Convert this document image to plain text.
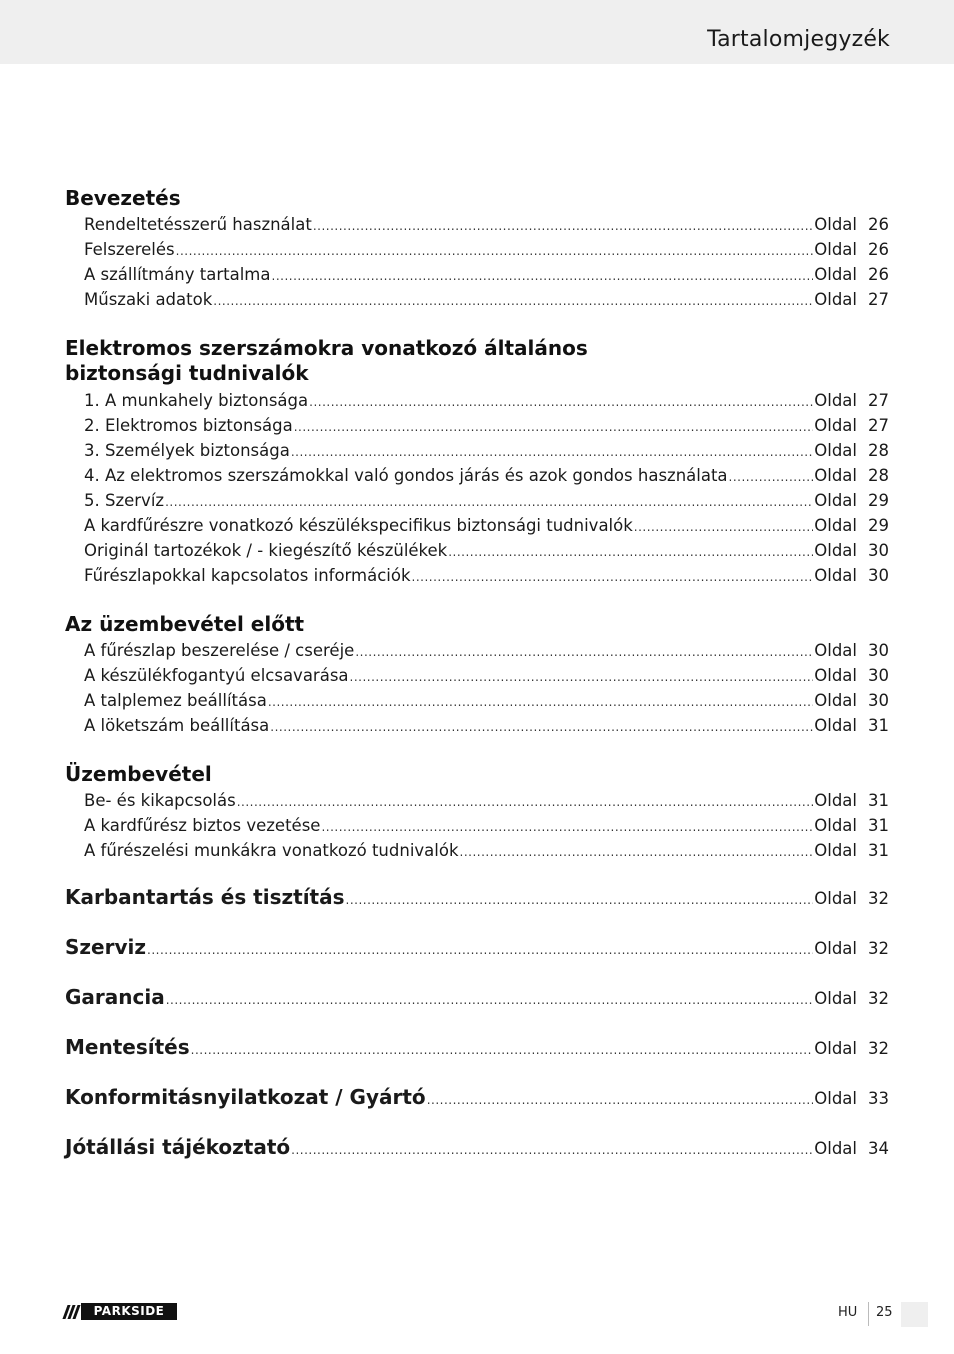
Tartalomjegyzék
Bevezetés
Rendeltetésszerű használat .....	Oldal 26
Felszerelés .....	Oldal 26
A szállítmány tartalma .....	Oldal 26
Műszaki adatok .....	Oldal 27
Elektromos szerszámokra vonatkozó általános
biztonsági tudnivalók
1. A munkahely biztonsága .....	Oldal 27
2. Elektromos biztonsága .....	Oldal 27
3. Személyek biztonsága .....	Oldal 28
4. Az elektromos szerszámokkal való gondos járás és azok gondos használata .....	Oldal 28
5. Szervíz .....	Oldal 29
A kardfűrészre vonatkozó készülékspecifikus biztonsági tudnivalók .....	Oldal 29
Originál tartozékok / - kiegészítő készülékek .....	Oldal 30
Fűrészlapokkal kapcsolatos információk .....	Oldal 30
Az üzembevétel előtt
A fűrészlap beszerelése / cseréje .....	Oldal 30
A készülékfogantyú elcsavarása .....	Oldal 30
A talplemez beállítása .....	Oldal 30
A löketszám beállítása .....	Oldal 31
Üzembevétel
Be- és kikapcsolás .....	Oldal 31
A kardfűrész biztos vezetése .....	Oldal 31
A fűrészelési munkákra vonatkozó tudnivalók .....	Oldal 31
Karbantartás és tisztítás .....	Oldal 32
Szerviz .....	Oldal 32
Garancia .....	Oldal 32
Mentesítés .....	Oldal 32
Konformitásnyilatkozat / Gyártó .....	Oldal 33
Jótállási tájékoztató .....	Oldal 34
PARKSIDE	HU 25
